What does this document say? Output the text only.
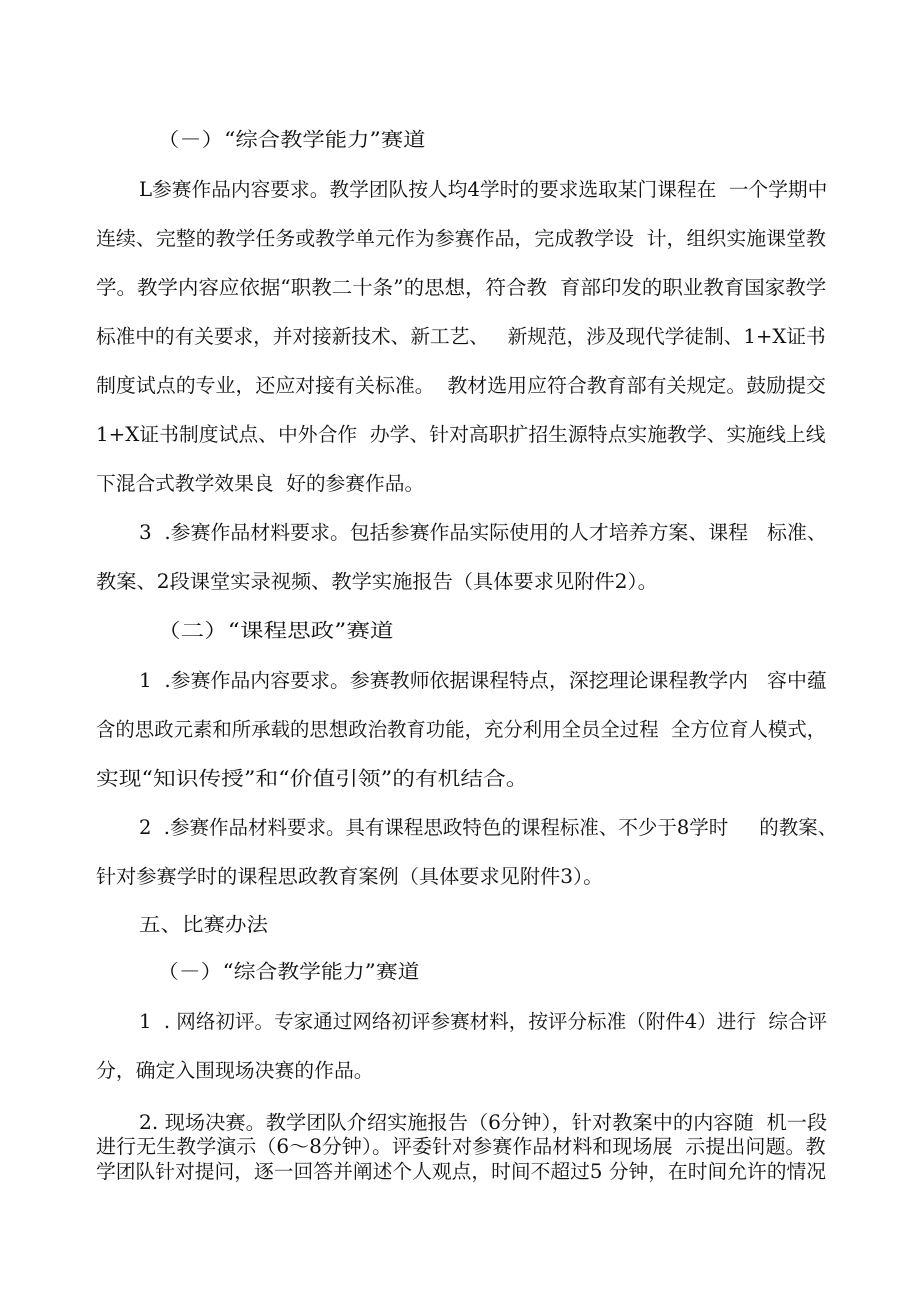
（－）“综合教学能力”赛道

L参赛作品内容要求。教学团队按人均4学时的要求选取某门课程在  一个学期中

连续、完整的教学任务或教学单元作为参赛作品，完成教学设  计，组织实施课堂教

学。教学内容应依据“职教二十条”的思想，符合教  育部印发的职业教育国家教学

标准中的有关要求，并对接新技术、新工艺、   新规范，涉及现代学徒制、1+X证书

制度试点的专业，还应对接有关标准。  教材选用应符合教育部有关规定。鼓励提交

1+X证书制度试点、中外合作  办学、针对高职扩招生源特点实施教学、实施线上线

下混合式教学效果良  好的参赛作品。

3  .参赛作品材料要求。包括参赛作品实际使用的人才培养方案、课程   标准、

教案、2段课堂实录视频、教学实施报告（具体要求见附件2）。

（二）“课程思政”赛道

1  .参赛作品内容要求。参赛教师依据课程特点，深挖理论课程教学内   容中蕴

含的思政元素和所承载的思想政治教育功能，充分利用全员全过程  全方位育人模式，

实现“知识传授”和“价值引领”的有机结合。

2  .参赛作品材料要求。具有课程思政特色的课程标准、不少于8学时     的教案、

针对参赛学时的课程思政教育案例（具体要求见附件3）。

五、比赛办法

（－）“综合教学能力”赛道

1  . 网络初评。专家通过网络初评参赛材料，按评分标准（附件4）进行  综合评

分，确定入围现场决赛的作品。

2. 现场决赛。教学团队介绍实施报告（6分钟），针对教案中的内容随  机一段

进行无生教学演示（6～8分钟）。评委针对参赛作品材料和现场展  示提出问题。教

学团队针对提问，逐一回答并阐述个人观点，时间不超过5 分钟，在时间允许的情况
